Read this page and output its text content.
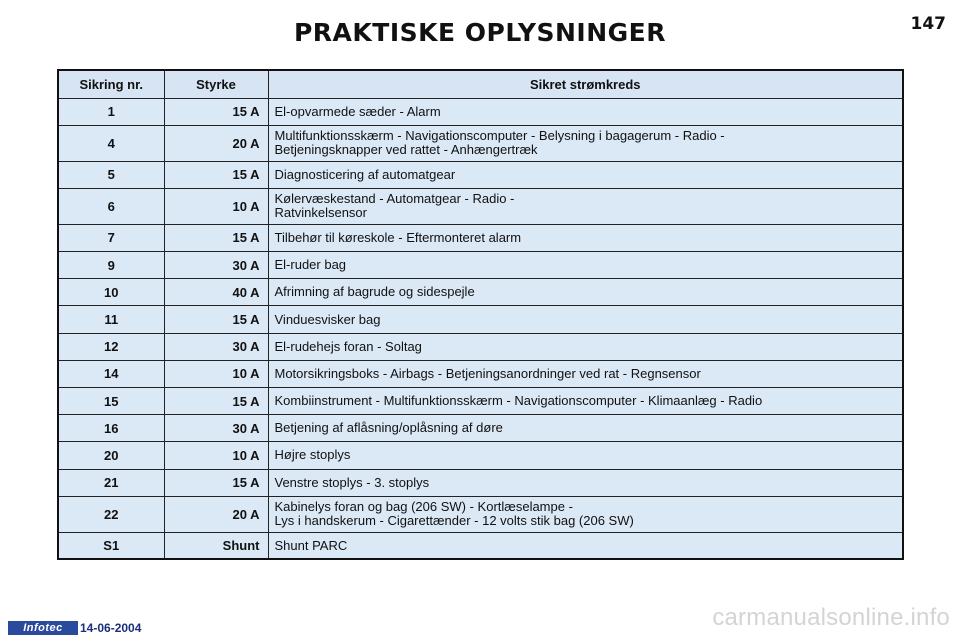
PRAKTISKE OPLYSNINGER	147
Sikring nr.	Styrke	Sikret strømkreds
1	15 A	El-opvarmede sæder - Alarm

4	20 A	Multifunktionsskærm - Navigationscomputer - Belysning i bagagerum - Radio -
Betjeningsknapper ved rattet - Anhængertræk

5	15 A	Diagnosticering af automatgear

6	10 A	Kølervæskestand - Automatgear - Radio -
Ratvinkelsensor

7	15 A	Tilbehør til køreskole - Eftermonteret alarm

9	30 A	El-ruder bag

10	40 A	Afrimning af bagrude og sidespejle

11	15 A	Vinduesvisker bag

12	30 A	El-rudehejs foran - Soltag

14	10 A	Motorsikringsboks - Airbags - Betjeningsanordninger ved rat - Regnsensor

15	15 A	Kombiinstrument - Multifunktionsskærm - Navigationscomputer - Klimaanlæg - Radio

16	30 A	Betjening af aflåsning/oplåsning af døre

20	10 A	Højre stoplys

21	15 A	Venstre stoplys - 3. stoplys

22	20 A	Kabinelys foran og bag (206 SW) - Kortlæselampe -
Lys i handskerum - Cigarettænder - 12 volts stik bag (206 SW)

S1	Shunt	Shunt PARC
Infotec	14-06-2004	carmanualsonline.info
